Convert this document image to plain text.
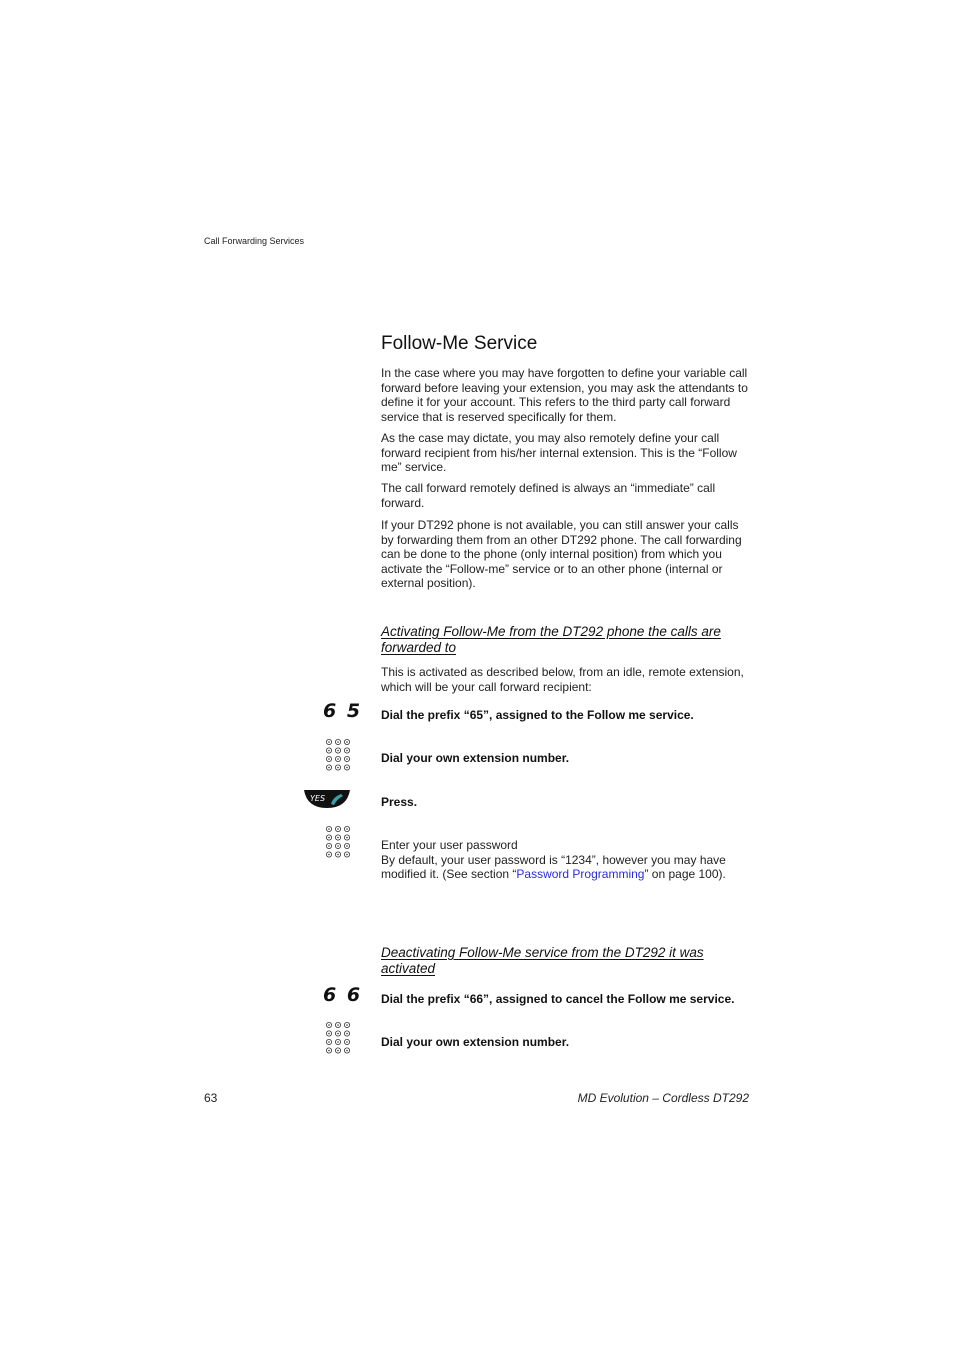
Call Forwarding Services
Follow-Me Service
In the case where you may have forgotten to define your variable call forward before leaving your extension, you may ask the attendants to define it for your account. This refers to the third party call forward service that is reserved specifically for them.
As the case may dictate, you may also remotely define your call forward recipient from his/her internal extension. This is the “Follow me” service.
The call forward remotely defined is always an “immediate” call forward.
If your DT292 phone is not available, you can still answer your calls by forwarding them from an other DT292 phone. The call forwarding can be done to the phone (only internal position) from which you activate the “Follow-me” service or to an other phone (internal or external position).
Activating Follow-Me from the DT292 phone the calls are forwarded to
This is activated as described below, from an idle, remote extension, which will be your call forward recipient:
6 5 Dial the prefix “65”, assigned to the Follow me service.
Dial your own extension number.
YES	Press.
Enter your user password
By default, your user password is “1234”, however you may have modified it. (See section “Password Programming” on page 100).
Deactivating Follow-Me service from the DT292 it was activated
6 6 Dial the prefix “66”, assigned to cancel the Follow me service.
Dial your own extension number.
63	MD Evolution – Cordless DT292
